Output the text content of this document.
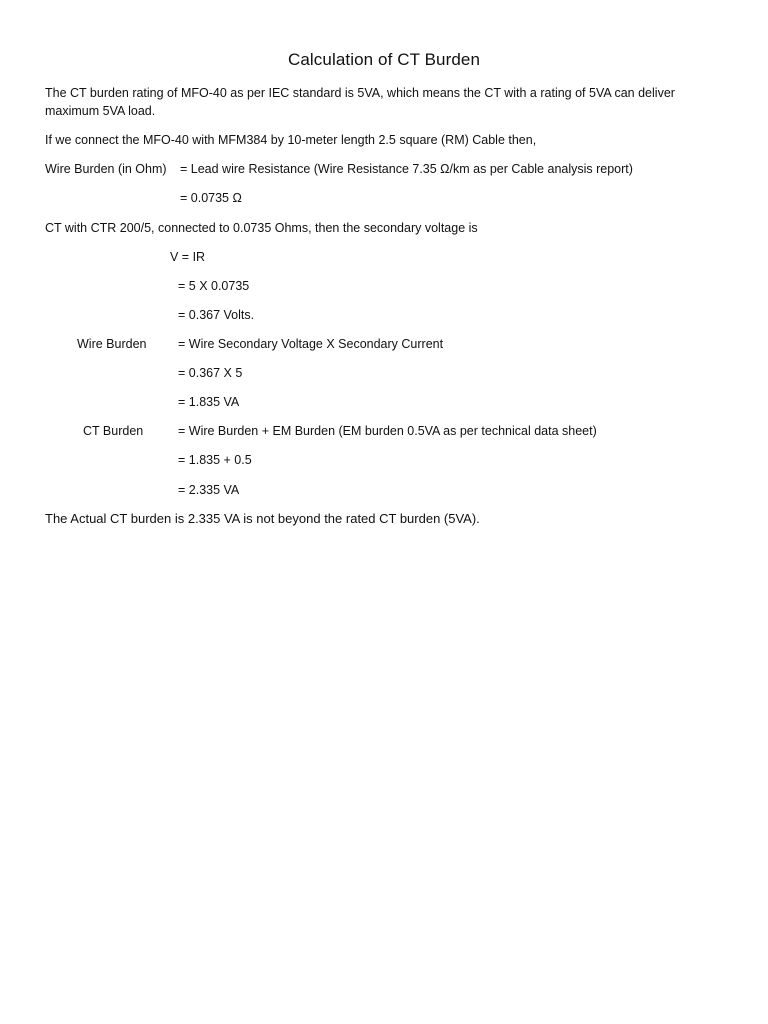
Calculation of CT Burden
The CT burden rating of MFO-40 as per IEC standard is 5VA, which means the CT with a rating of 5VA can deliver maximum 5VA load.
If we connect the MFO-40 with MFM384 by 10-meter length 2.5 square (RM) Cable then,
Wire Burden (in Ohm) = Lead wire Resistance (Wire Resistance 7.35 Ω/km as per Cable analysis report)
= 0.0735 Ω
CT with CTR 200/5, connected to 0.0735 Ohms, then the secondary voltage is
V = IR
= 5 X 0.0735
= 0.367 Volts.
Wire Burden	= Wire Secondary Voltage X Secondary Current
= 0.367 X 5
= 1.835 VA
CT Burden	= Wire Burden + EM Burden (EM burden 0.5VA as per technical data sheet)
= 1.835 + 0.5
= 2.335 VA
The Actual CT burden is 2.335 VA is not beyond the rated CT burden (5VA).
